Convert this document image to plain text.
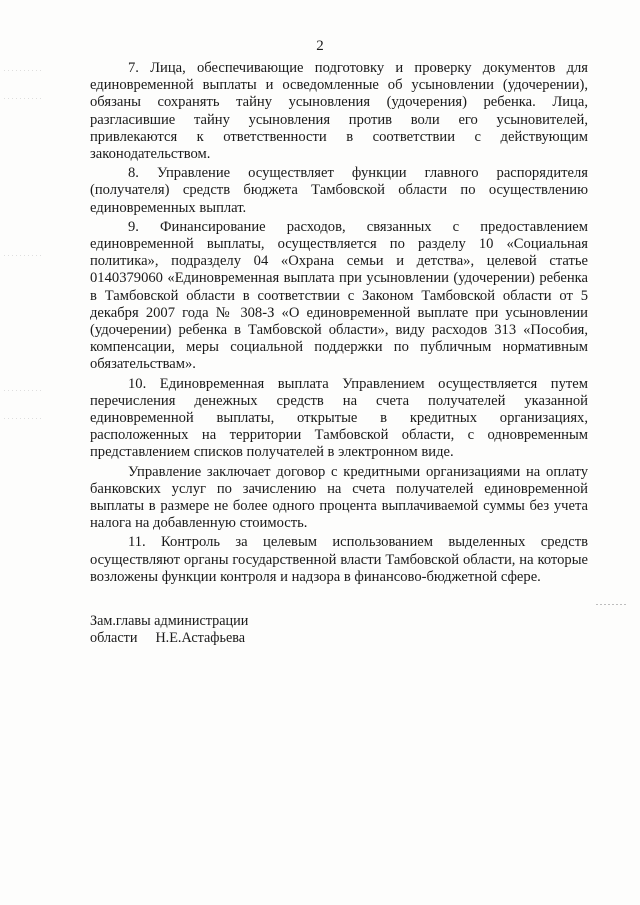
2

7. Лица, обеспечивающие подготовку и проверку документов для единовременной выплаты и осведомленные об усыновлении (удочерении), обязаны сохранять тайну усыновления (удочерения) ребенка. Лица, разгласившие тайну усыновления против воли его усыновителей, привлекаются к ответственности в соответствии с действующим законодательством.

8. Управление осуществляет функции главного распорядителя (получателя) средств бюджета Тамбовской области по осуществлению единовременных выплат.

9. Финансирование расходов, связанных с предоставлением единовременной выплаты, осуществляется по разделу 10 «Социальная политика», подразделу 04 «Охрана семьи и детства», целевой статье 0140379060 «Единовременная выплата при усыновлении (удочерении) ребенка в Тамбовской области в соответствии с Законом Тамбовской области от 5 декабря 2007 года № 308-З «О единовременной выплате при усыновлении (удочерении) ребенка в Тамбовской области», виду расходов 313 «Пособия, компенсации, меры социальной поддержки по публичным нормативным обязательствам».

10. Единовременная выплата Управлением осуществляется путем перечисления денежных средств на счета получателей указанной единовременной выплаты, открытые в кредитных организациях, расположенных на территории Тамбовской области, с одновременным представлением списков получателей в электронном виде.

Управление заключает договор с кредитными организациями на оплату банковских услуг по зачислению на счета получателей единовременной выплаты в размере не более одного процента выплачиваемой суммы без учета налога на добавленную стоимость.

11. Контроль за целевым использованием выделенных средств осуществляют органы государственной власти Тамбовской области, на которые возложены функции контроля и надзора в финансово-бюджетной сфере.

Зам.главы администрации
области Н.Е.Астафьева
